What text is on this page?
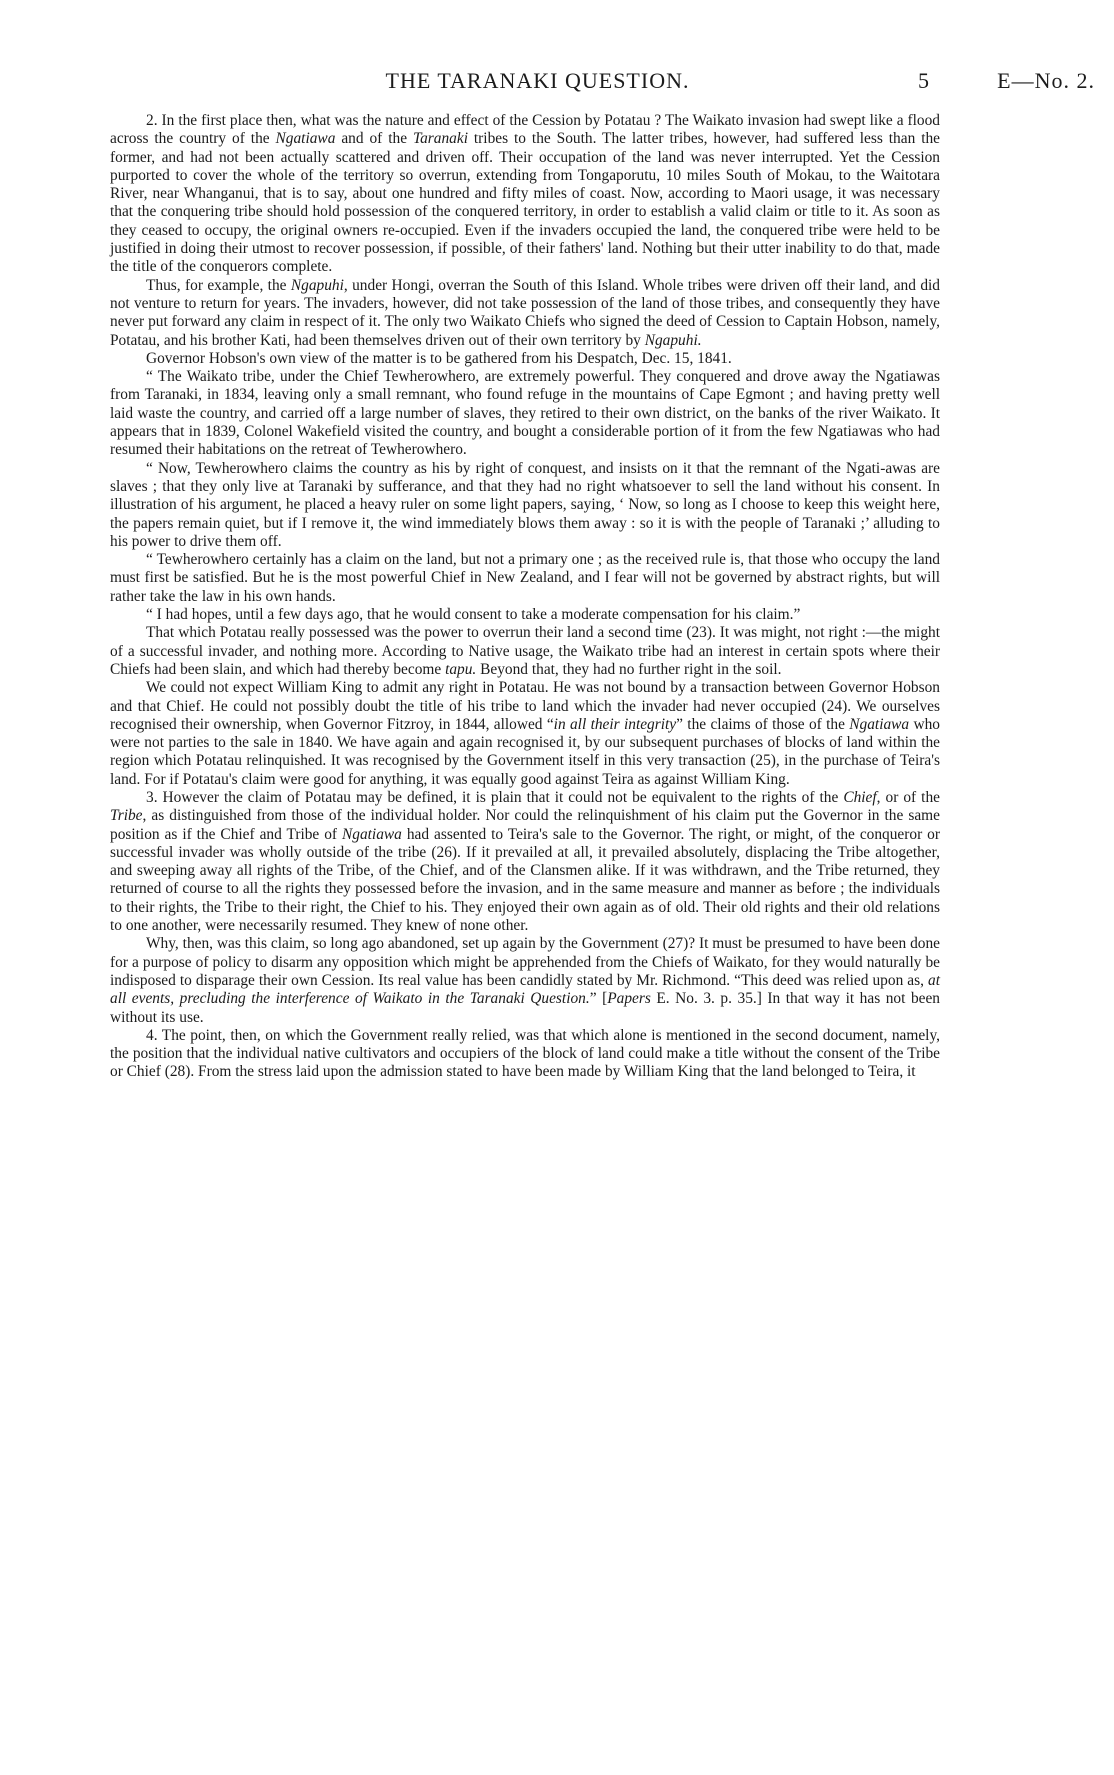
THE TARANAKI QUESTION.	5	E—No. 2.

2. In the first place then, what was the nature and effect of the Cession by Potatau ? The Waikato invasion had swept like a flood across the country of the Ngatiawa and of the Taranaki tribes to the South. The latter tribes, however, had suffered less than the former, and had not been actually scattered and driven off. Their occupation of the land was never interrupted. Yet the Cession purported to cover the whole of the territory so overrun, extending from Tongaporutu, 10 miles South of Mokau, to the Waitotara River, near Whanganui, that is to say, about one hundred and fifty miles of coast. Now, according to Maori usage, it was necessary that the conquering tribe should hold possession of the conquered territory, in order to establish a valid claim or title to it. As soon as they ceased to occupy, the original owners re-occupied. Even if the invaders occupied the land, the conquered tribe were held to be justified in doing their utmost to recover possession, if possible, of their fathers' land. Nothing but their utter inability to do that, made the title of the conquerors complete.

Thus, for example, the Ngapuhi, under Hongi, overran the South of this Island. Whole tribes were driven off their land, and did not venture to return for years. The invaders, however, did not take possession of the land of those tribes, and consequently they have never put forward any claim in respect of it. The only two Waikato Chiefs who signed the deed of Cession to Captain Hobson, namely, Potatau, and his brother Kati, had been themselves driven out of their own territory by Ngapuhi.

Governor Hobson's own view of the matter is to be gathered from his Despatch, Dec. 15, 1841.

“ The Waikato tribe, under the Chief Tewherowhero, are extremely powerful. They conquered and drove away the Ngatiawas from Taranaki, in 1834, leaving only a small remnant, who found refuge in the mountains of Cape Egmont ; and having pretty well laid waste the country, and carried off a large number of slaves, they retired to their own district, on the banks of the river Waikato. It appears that in 1839, Colonel Wakefield visited the country, and bought a considerable portion of it from the few Ngatiawas who had resumed their habitations on the retreat of Tewherowhero.

“ Now, Tewherowhero claims the country as his by right of conquest, and insists on it that the remnant of the Ngati-awas are slaves ; that they only live at Taranaki by sufferance, and that they had no right whatsoever to sell the land without his consent. In illustration of his argument, he placed a heavy ruler on some light papers, saying, ‘ Now, so long as I choose to keep this weight here, the papers remain quiet, but if I remove it, the wind immediately blows them away : so it is with the people of Taranaki ;’ alluding to his power to drive them off.

“ Tewherowhero certainly has a claim on the land, but not a primary one ; as the received rule is, that those who occupy the land must first be satisfied. But he is the most powerful Chief in New Zealand, and I fear will not be governed by abstract rights, but will rather take the law in his own hands.

“ I had hopes, until a few days ago, that he would consent to take a moderate compensation for his claim.”

That which Potatau really possessed was the power to overrun their land a second time (23). It was might, not right :—the might of a successful invader, and nothing more. According to Native usage, the Waikato tribe had an interest in certain spots where their Chiefs had been slain, and which had thereby become tapu. Beyond that, they had no further right in the soil.

We could not expect William King to admit any right in Potatau. He was not bound by a transaction between Governor Hobson and that Chief. He could not possibly doubt the title of his tribe to land which the invader had never occupied (24). We ourselves recognised their ownership, when Governor Fitzroy, in 1844, allowed “in all their integrity” the claims of those of the Ngatiawa who were not parties to the sale in 1840. We have again and again recognised it, by our subsequent purchases of blocks of land within the region which Potatau relinquished. It was recognised by the Government itself in this very transaction (25), in the purchase of Teira's land. For if Potatau's claim were good for anything, it was equally good against Teira as against William King.

3. However the claim of Potatau may be defined, it is plain that it could not be equivalent to the rights of the Chief, or of the Tribe, as distinguished from those of the individual holder. Nor could the relinquishment of his claim put the Governor in the same position as if the Chief and Tribe of Ngatiawa had assented to Teira's sale to the Governor. The right, or might, of the conqueror or successful invader was wholly outside of the tribe (26). If it prevailed at all, it prevailed absolutely, displacing the Tribe altogether, and sweeping away all rights of the Tribe, of the Chief, and of the Clansmen alike. If it was withdrawn, and the Tribe returned, they returned of course to all the rights they possessed before the invasion, and in the same measure and manner as before ; the individuals to their rights, the Tribe to their right, the Chief to his. They enjoyed their own again as of old. Their old rights and their old relations to one another, were necessarily resumed. They knew of none other.

Why, then, was this claim, so long ago abandoned, set up again by the Government (27)? It must be presumed to have been done for a purpose of policy to disarm any opposition which might be apprehended from the Chiefs of Waikato, for they would naturally be indisposed to disparage their own Cession. Its real value has been candidly stated by Mr. Richmond. “This deed was relied upon as, at all events, precluding the interference of Waikato in the Taranaki Question.” [Papers E. No. 3. p. 35.] In that way it has not been without its use.

4. The point, then, on which the Government really relied, was that which alone is mentioned in the second document, namely, the position that the individual native cultivators and occupiers of the block of land could make a title without the consent of the Tribe or Chief (28). From the stress laid upon the admission stated to have been made by William King that the land belonged to Teira, it
